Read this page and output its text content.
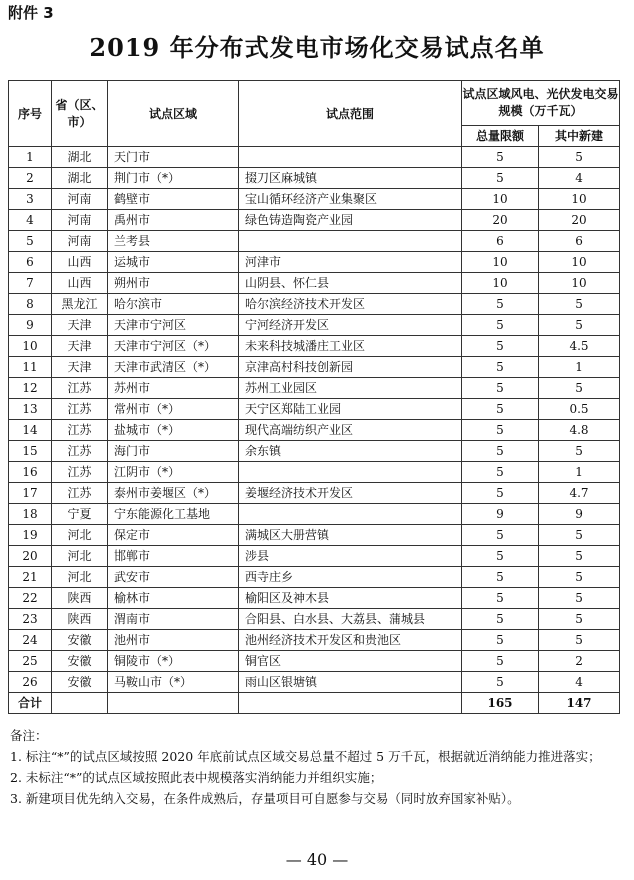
附件 3
2019 年分布式发电市场化交易试点名单
序号	省（区、市）	试点区域	试点范围	试点区域风电、光伏发电交易规模（万千瓦）	
				总量限额	其中新建
1	湖北	天门市		5	5
2	湖北	荆门市（*）	掇刀区麻城镇	5	4
3	河南	鹤壁市	宝山循环经济产业集聚区	10	10
4	河南	禹州市	绿色铸造陶瓷产业园	20	20
5	河南	兰考县		6	6
6	山西	运城市	河津市	10	10
7	山西	朔州市	山阴县、怀仁县	10	10
8	黑龙江	哈尔滨市	哈尔滨经济技术开发区	5	5
9	天津	天津市宁河区	宁河经济开发区	5	5
10	天津	天津市宁河区（*）	未来科技城潘庄工业区	5	4.5
11	天津	天津市武清区（*）	京津高村科技创新园	5	1
12	江苏	苏州市	苏州工业园区	5	5
13	江苏	常州市（*）	天宁区郑陆工业园	5	0.5
14	江苏	盐城市（*）	现代高端纺织产业区	5	4.8
15	江苏	海门市	余东镇	5	5
16	江苏	江阴市（*）		5	1
17	江苏	泰州市姜堰区（*）	姜堰经济技术开发区	5	4.7
18	宁夏	宁东能源化工基地		9	9
19	河北	保定市	满城区大册营镇	5	5
20	河北	邯郸市	涉县	5	5
21	河北	武安市	西寺庄乡	5	5
22	陕西	榆林市	榆阳区及神木县	5	5
23	陕西	渭南市	合阳县、白水县、大荔县、蒲城县	5	5
24	安徽	池州市	池州经济技术开发区和贵池区	5	5
25	安徽	铜陵市（*）	铜官区	5	2
26	安徽	马鞍山市（*）	雨山区银塘镇	5	4
合计				165	147
备注：
1. 标注“*”的试点区域按照 2020 年底前试点区域交易总量不超过 5 万千瓦，根据就近消纳能力推进落实；
2. 未标注“*”的试点区域按照此表中规模落实消纳能力并组织实施；
3. 新建项目优先纳入交易，在条件成熟后，存量项目可自愿参与交易（同时放弃国家补贴）。
— 40 —
